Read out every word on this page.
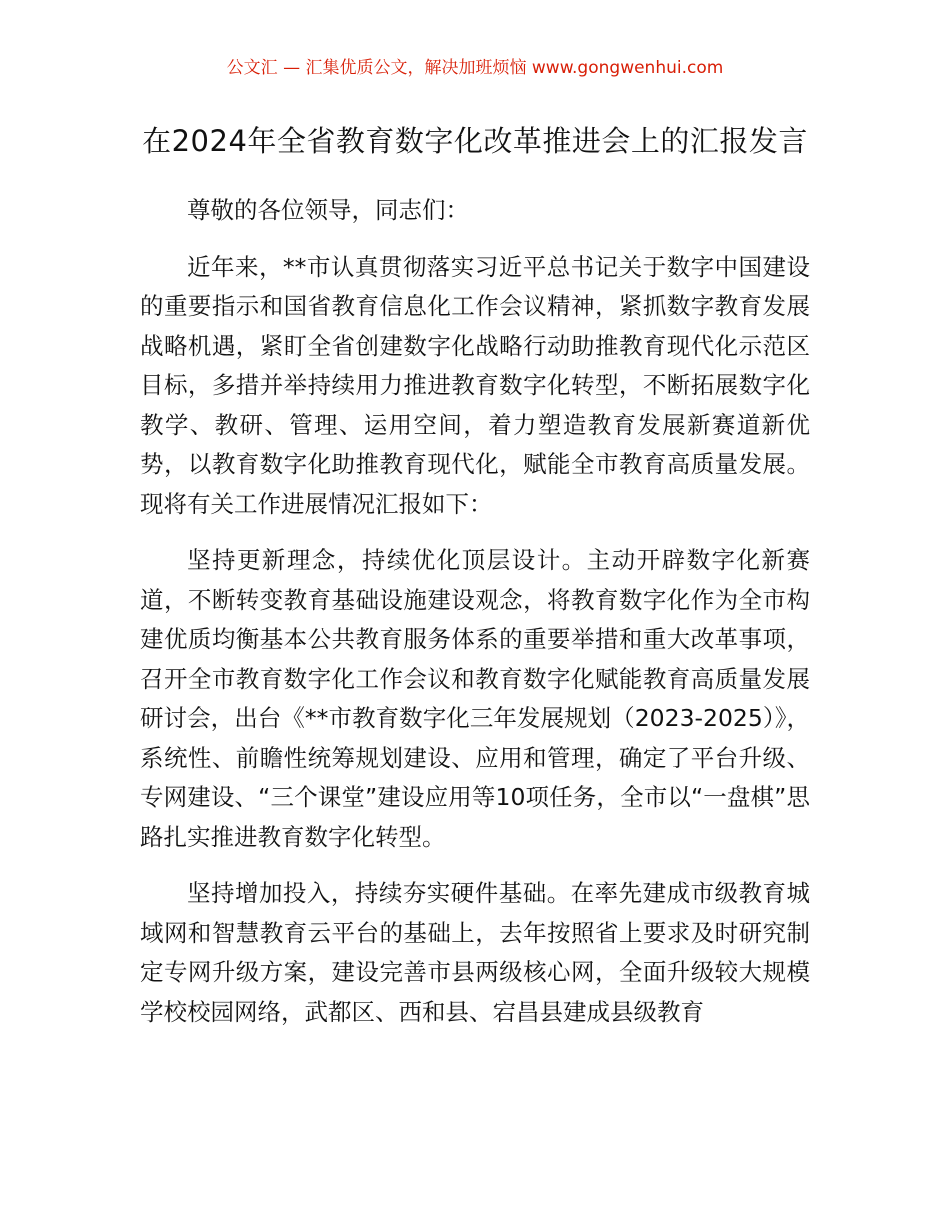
公文汇 — 汇集优质公文，解决加班烦恼 www.gongwenhui.com
在2024年全省教育数字化改革推进会上的汇报发言

尊敬的各位领导，同志们：

近年来，**市认真贯彻落实习近平总书记关于数字中国建设的重要指示和国省教育信息化工作会议精神，紧抓数字教育发展战略机遇，紧盯全省创建数字化战略行动助推教育现代化示范区目标，多措并举持续用力推进教育数字化转型，不断拓展数字化教学、教研、管理、运用空间，着力塑造教育发展新赛道新优势，以教育数字化助推教育现代化，赋能全市教育高质量发展。现将有关工作进展情况汇报如下：

坚持更新理念，持续优化顶层设计。主动开辟数字化新赛道，不断转变教育基础设施建设观念，将教育数字化作为全市构建优质均衡基本公共教育服务体系的重要举措和重大改革事项，召开全市教育数字化工作会议和教育数字化赋能教育高质量发展研讨会，出台《**市教育数字化三年发展规划（2023-2025）》，系统性、前瞻性统筹规划建设、应用和管理，确定了平台升级、专网建设、“三个课堂”建设应用等10项任务，全市以“一盘棋”思路扎实推进教育数字化转型。

坚持增加投入，持续夯实硬件基础。在率先建成市级教育城域网和智慧教育云平台的基础上，去年按照省上要求及时研究制定专网升级方案，建设完善市县两级核心网，全面升级较大规模学校校园网络，武都区、西和县、宕昌县建成县级教育
